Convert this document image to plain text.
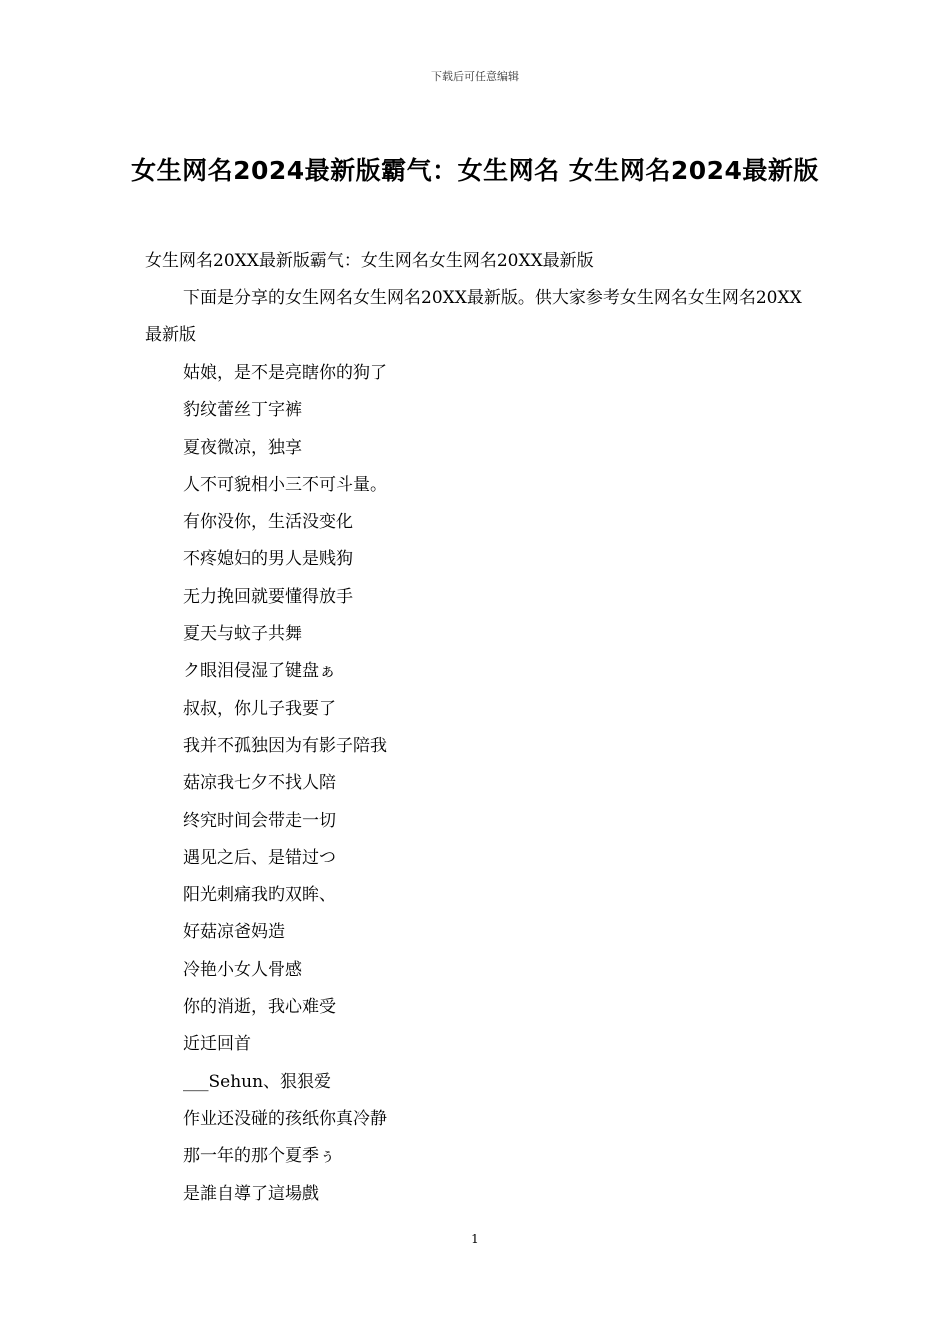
下载后可任意编辑
女生网名2024最新版霸气：女生网名 女生网名2024最新版
女生网名20XX最新版霸气：女生网名女生网名20XX最新版
下面是分享的女生网名女生网名20XX最新版。供大家参考女生网名女生网名20XX最新版
姑娘，是不是亮瞎你的狗了
豹纹蕾丝丁字裤
夏夜微凉，独享
人不可貌相小三不可斗量。
有你没你，生活没变化
不疼媳妇的男人是贱狗
无力挽回就要懂得放手
夏天与蚊子共舞
ク眼泪侵湿了键盘ぁ
叔叔，你儿子我要了
我并不孤独因为有影子陪我
菇凉我七夕不找人陪
终究时间会带走一切
遇见之后、是错过つ
阳光刺痛我旳双眸、
好菇凉爸妈造
冷艳小女人骨感
你的消逝，我心难受
近迁回首
___Sehun、狠狠爱
作业还没碰的孩纸你真冷静
那一年的那个夏季ぅ
是誰自導了這場戲
1
